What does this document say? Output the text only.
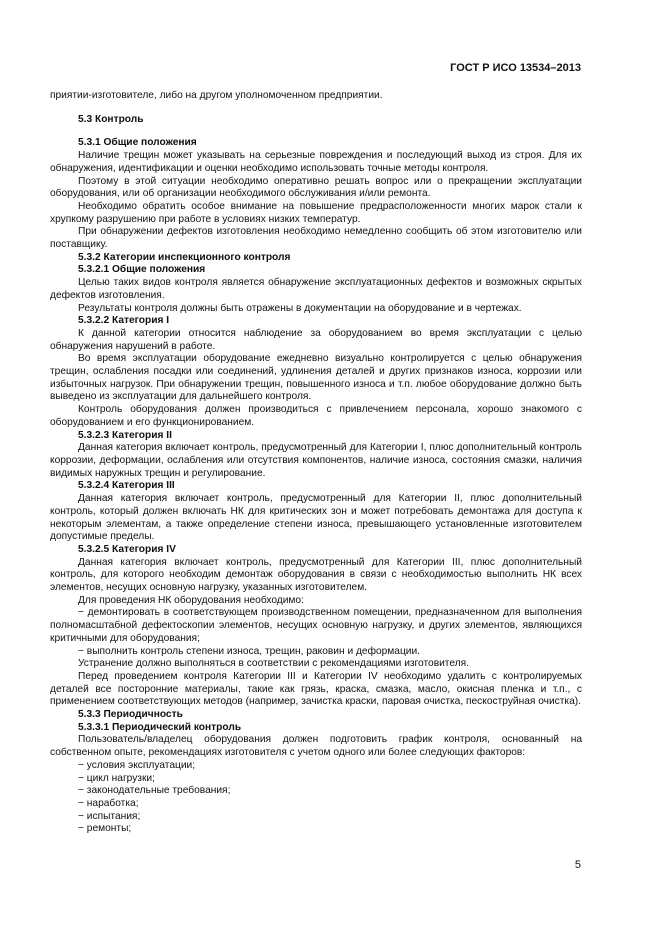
ГОСТ Р ИСО 13534–2013

приятии-изготовителе, либо на другом уполномоченном предприятии.

5.3 Контроль

5.3.1 Общие положения

Наличие трещин может указывать на серьезные повреждения и последующий выход из строя. Для их обнаружения, идентификации и оценки необходимо использовать точные методы контроля.

Поэтому в этой ситуации необходимо оперативно решать вопрос или о прекращении эксплуатации оборудования, или об организации необходимого обслуживания и/или ремонта.

Необходимо обратить особое внимание на повышение предрасположенности многих марок стали к хрупкому разрушению при работе в условиях низких температур.

При обнаружении дефектов изготовления необходимо немедленно сообщить об этом изготовителю или поставщику.

5.3.2 Категории инспекционного контроля

5.3.2.1 Общие положения

Целью таких видов контроля является обнаружение эксплуатационных дефектов и возможных скрытых дефектов изготовления.

Результаты контроля должны быть отражены в документации на оборудование и в чертежах.

5.3.2.2 Категория I

К данной категории относится наблюдение за оборудованием во время эксплуатации с целью обнаружения нарушений в работе.

Во время эксплуатации оборудование ежедневно визуально контролируется с целью обнаружения трещин, ослабления посадки или соединений, удлинения деталей и других признаков износа, коррозии или избыточных нагрузок. При обнаружении трещин, повышенного износа и т.п. любое оборудование должно быть выведено из эксплуатации для дальнейшего контроля.

Контроль оборудования должен производиться с привлечением персонала, хорошо знакомого с оборудованием и его функционированием.

5.3.2.3 Категория II

Данная категория включает контроль, предусмотренный для Категории I, плюс дополнительный контроль коррозии, деформации, ослабления или отсутствия компонентов, наличие износа, состояния смазки, наличия видимых наружных трещин и регулирование.

5.3.2.4 Категория III

Данная категория включает контроль, предусмотренный для Категории II, плюс дополнительный контроль, который должен включать НК для критических зон и может потребовать демонтажа для доступа к некоторым элементам, а также определение степени износа, превышающего установленные изготовителем допустимые пределы.

5.3.2.5 Категория IV

Данная категория включает контроль, предусмотренный для Категории III, плюс дополнительный контроль, для которого необходим демонтаж оборудования в связи с необходимостью выполнить НК всех элементов, несущих основную нагрузку, указанных изготовителем.

Для проведения НК оборудования необходимо:

− демонтировать в соответствующем производственном помещении, предназначенном для выполнения полномасштабной дефектоскопии элементов, несущих основную нагрузку, и других элементов, являющихся критичными для оборудования;

− выполнить контроль степени износа, трещин, раковин и деформации.

Устранение должно выполняться в соответствии с рекомендациями изготовителя.

Перед проведением контроля Категории III и Категории IV необходимо удалить с контролируемых деталей все посторонние материалы, такие как грязь, краска, смазка, масло, окисная пленка и т.п., с применением соответствующих методов (например, зачистка краски, паровая очистка, пескоструйная очистка).

5.3.3 Периодичность

5.3.3.1 Периодический контроль

Пользователь/владелец оборудования должен подготовить график контроля, основанный на собственном опыте, рекомендациях изготовителя с учетом одного или более следующих факторов:

− условия эксплуатации;

− цикл нагрузки;

− законодательные требования;

− наработка;

− испытания;

− ремонты;

5
